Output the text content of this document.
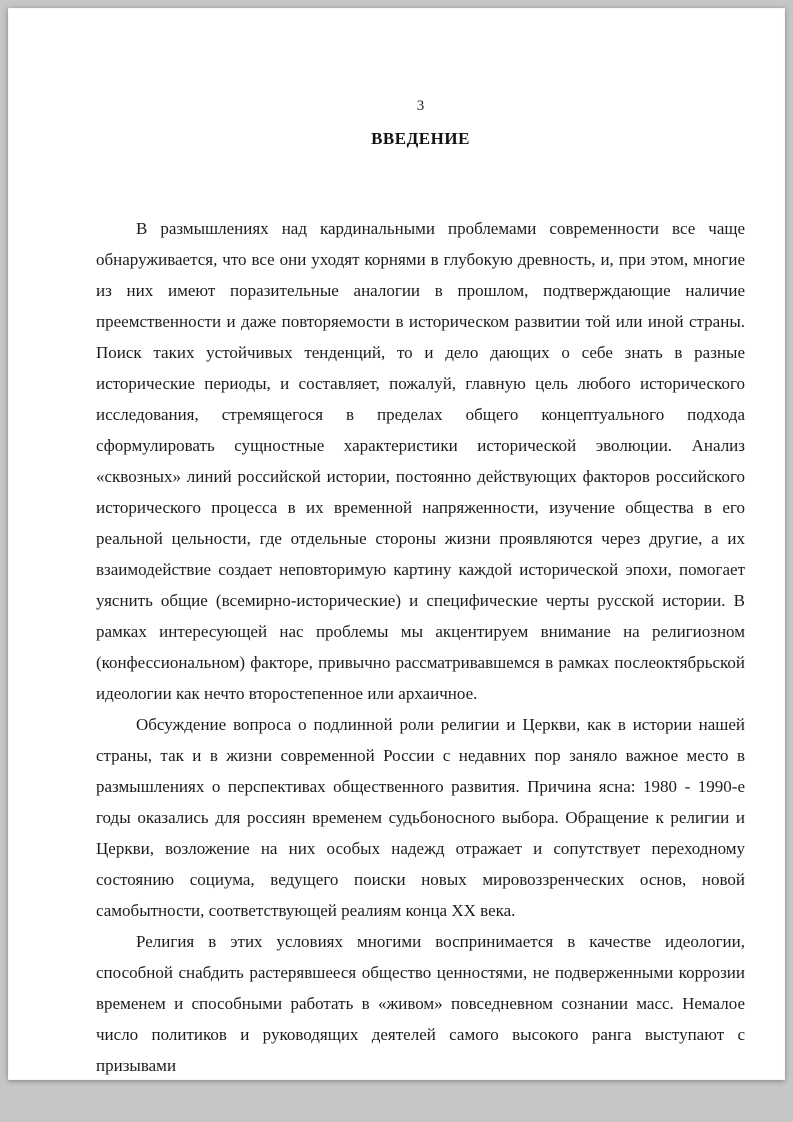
3
ВВЕДЕНИЕ

В размышлениях над кардинальными проблемами современности все чаще обнаруживается, что все они уходят корнями в глубокую древность, и, при этом, многие из них имеют поразительные аналогии в прошлом, подтверждающие наличие преемственности и даже повторяемости в историческом развитии той или иной страны. Поиск таких устойчивых тенденций, то и дело дающих о себе знать в разные исторические периоды, и составляет, пожалуй, главную цель любого исторического исследования, стремящегося в пределах общего концептуального подхода сформулировать сущностные характеристики исторической эволюции. Анализ «сквозных» линий российской истории, постоянно действующих факторов российского исторического процесса в их временной напряженности, изучение общества в его реальной цельности, где отдельные стороны жизни проявляются через другие, а их взаимодействие создает неповторимую картину каждой исторической эпохи, помогает уяснить общие (всемирно-исторические) и специфические черты русской истории. В рамках интересующей нас проблемы мы акцентируем внимание на религиозном (конфессиональном) факторе, привычно рассматривавшемся в рамках послеоктябрьской идеологии как нечто второстепенное или архаичное.

Обсуждение вопроса о подлинной роли религии и Церкви, как в истории нашей страны, так и в жизни современной России с недавних пор заняло важное место в размышлениях о перспективах общественного развития. Причина ясна: 1980 - 1990-е годы оказались для россиян временем судьбоносного выбора. Обращение к религии и Церкви, возложение на них особых надежд отражает и сопутствует переходному состоянию социума, ведущего поиски новых мировоззренческих основ, новой самобытности, соответствующей реалиям конца XX века.

Религия в этих условиях многими воспринимается в качестве идеологии, способной снабдить растерявшееся общество ценностями, не подверженными коррозии временем и способными работать в «живом» повседневном сознании масс. Немалое число политиков и руководящих деятелей самого высокого ранга выступают с призывами
